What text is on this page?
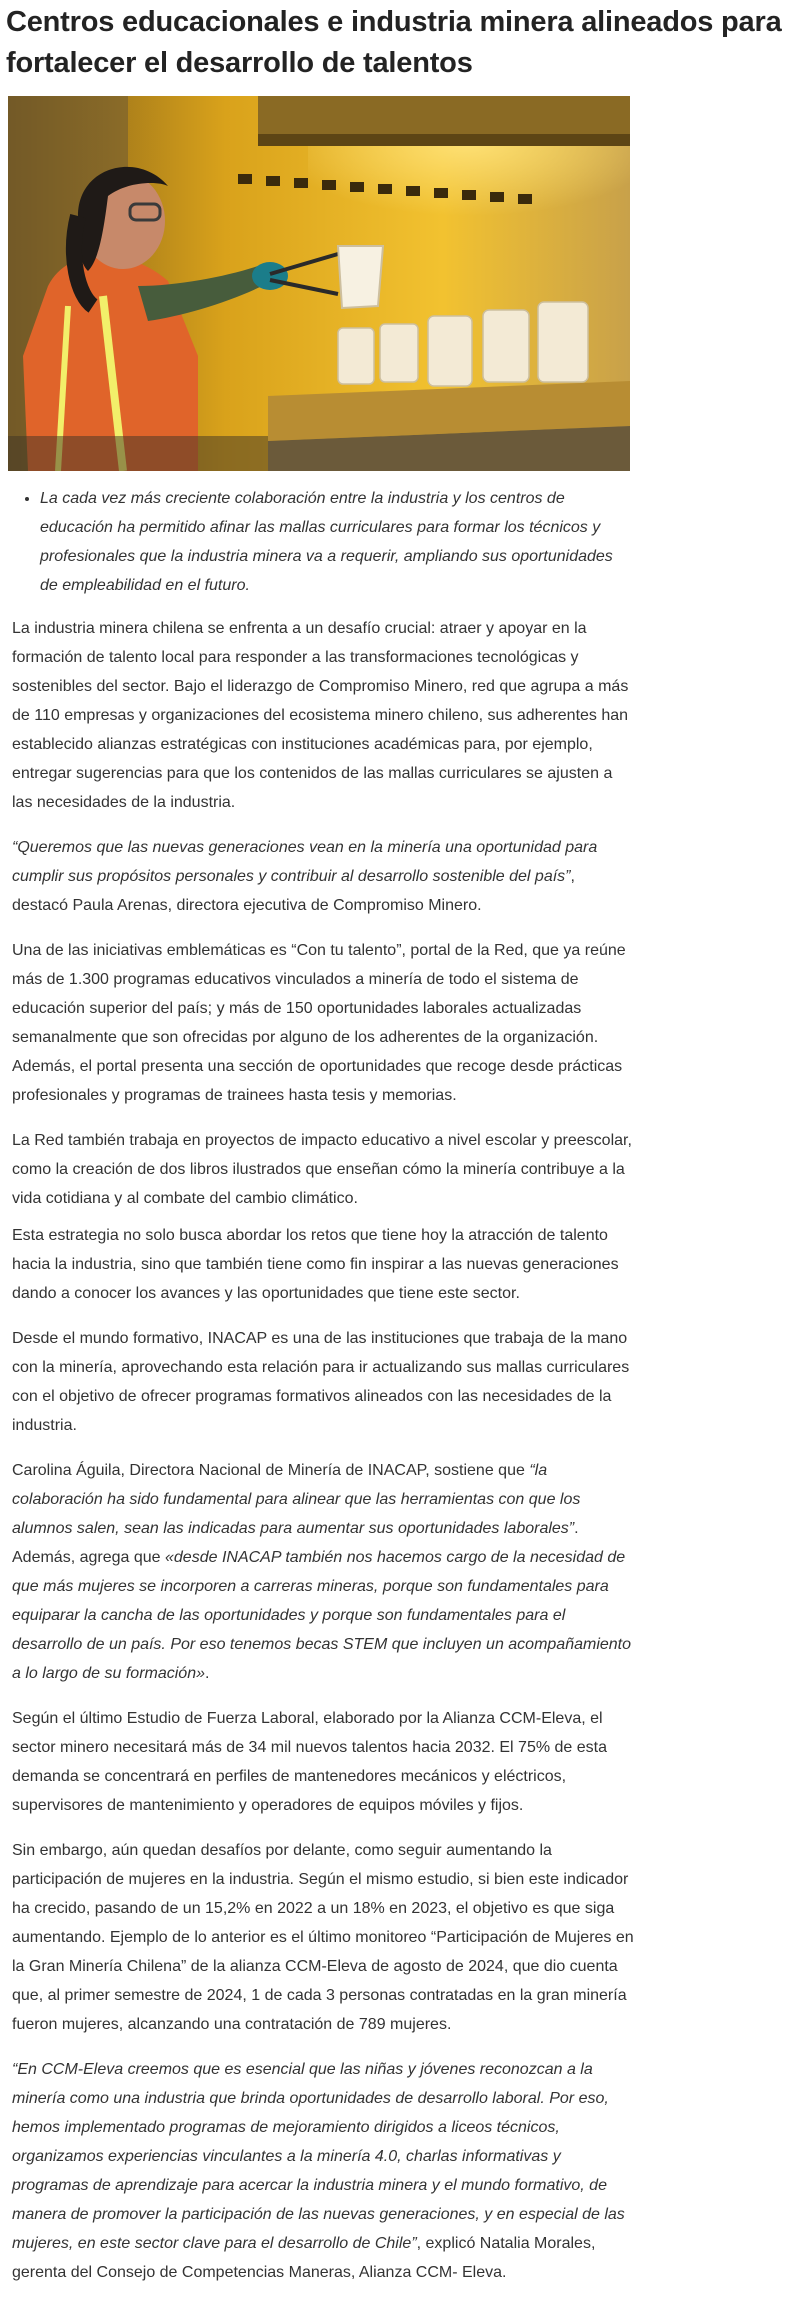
Centros educacionales e industria minera alineados para fortalecer el desarrollo de talentos
• La cada vez más creciente colaboración entre la industria y los centros de educación ha permitido afinar las mallas curriculares para formar los técnicos y profesionales que la industria minera va a requerir, ampliando sus oportunidades de empleabilidad en el futuro.

La industria minera chilena se enfrenta a un desafío crucial: atraer y apoyar en la formación de talento local para responder a las transformaciones tecnológicas y sostenibles del sector. Bajo el liderazgo de Compromiso Minero, red que agrupa a más de 110 empresas y organizaciones del ecosistema minero chileno, sus adherentes han establecido alianzas estratégicas con instituciones académicas para, por ejemplo, entregar sugerencias para que los contenidos de las mallas curriculares se ajusten a las necesidades de la industria.

“Queremos que las nuevas generaciones vean en la minería una oportunidad para cumplir sus propósitos personales y contribuir al desarrollo sostenible del país”, destacó Paula Arenas, directora ejecutiva de Compromiso Minero.

Una de las iniciativas emblemáticas es “Con tu talento”, portal de la Red, que ya reúne más de 1.300 programas educativos vinculados a minería de todo el sistema de educación superior del país; y más de 150 oportunidades laborales actualizadas semanalmente que son ofrecidas por alguno de los adherentes de la organización. Además, el portal presenta una sección de oportunidades que recoge desde prácticas profesionales y programas de trainees hasta tesis y memorias.

La Red también trabaja en proyectos de impacto educativo a nivel escolar y preescolar, como la creación de dos libros ilustrados que enseñan cómo la minería contribuye a la vida cotidiana y al combate del cambio climático.

Esta estrategia no solo busca abordar los retos que tiene hoy la atracción de talento hacia la industria, sino que también tiene como fin inspirar a las nuevas generaciones dando a conocer los avances y las oportunidades que tiene este sector.

Desde el mundo formativo, INACAP es una de las instituciones que trabaja de la mano con la minería, aprovechando esta relación para ir actualizando sus mallas curriculares con el objetivo de ofrecer programas formativos alineados con las necesidades de la industria.

Carolina Águila, Directora Nacional de Minería de INACAP, sostiene que “la colaboración ha sido fundamental para alinear que las herramientas con que los alumnos salen, sean las indicadas para aumentar sus oportunidades laborales”. Además, agrega que «desde INACAP también nos hacemos cargo de la necesidad de que más mujeres se incorporen a carreras mineras, porque son fundamentales para equiparar la cancha de las oportunidades y porque son fundamentales para el desarrollo de un país. Por eso tenemos becas STEM que incluyen un acompañamiento a lo largo de su formación».

Según el último Estudio de Fuerza Laboral, elaborado por la Alianza CCM-Eleva, el sector minero necesitará más de 34 mil nuevos talentos hacia 2032. El 75% de esta demanda se concentrará en perfiles de mantenedores mecánicos y eléctricos, supervisores de mantenimiento y operadores de equipos móviles y fijos.

Sin embargo, aún quedan desafíos por delante, como seguir aumentando la participación de mujeres en la industria. Según el mismo estudio, si bien este indicador ha crecido, pasando de un 15,2% en 2022 a un 18% en 2023, el objetivo es que siga aumentando. Ejemplo de lo anterior es el último monitoreo “Participación de Mujeres en la Gran Minería Chilena” de la alianza CCM-Eleva de agosto de 2024, que dio cuenta que, al primer semestre de 2024, 1 de cada 3 personas contratadas en la gran minería fueron mujeres, alcanzando una contratación de 789 mujeres.

“En CCM-Eleva creemos que es esencial que las niñas y jóvenes reconozcan a la minería como una industria que brinda oportunidades de desarrollo laboral. Por eso, hemos implementado programas de mejoramiento dirigidos a liceos técnicos, organizamos experiencias vinculantes a la minería 4.0, charlas informativas y programas de aprendizaje para acercar la industria minera y el mundo formativo, de manera de promover la participación de las nuevas generaciones, y en especial de las mujeres, en este sector clave para el desarrollo de Chile”, explicó Natalia Morales, gerenta del Consejo de Competencias Maneras, Alianza CCM- Eleva.
